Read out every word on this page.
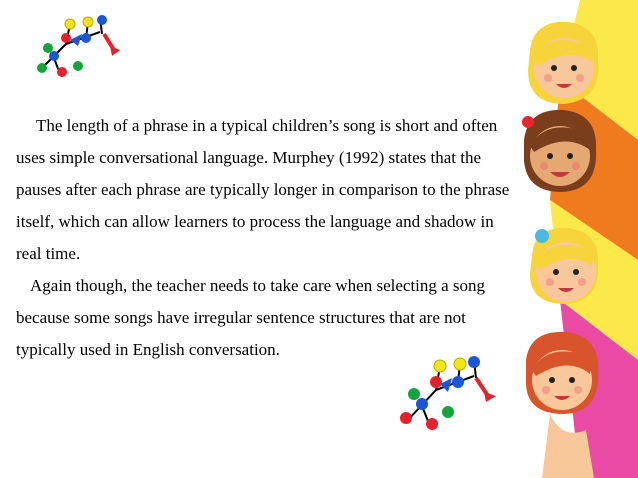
The length of a phrase in a typical children’s song is short and often
uses simple conversational language. Murphey (1992) states that the
pauses after each phrase are typically longer in comparison to the phrase
itself, which can allow learners to process the language and shadow in
real time.

Again though, the teacher needs to take care when selecting a song
because some songs have irregular sentence structures that are not
typically used in English conversation.
